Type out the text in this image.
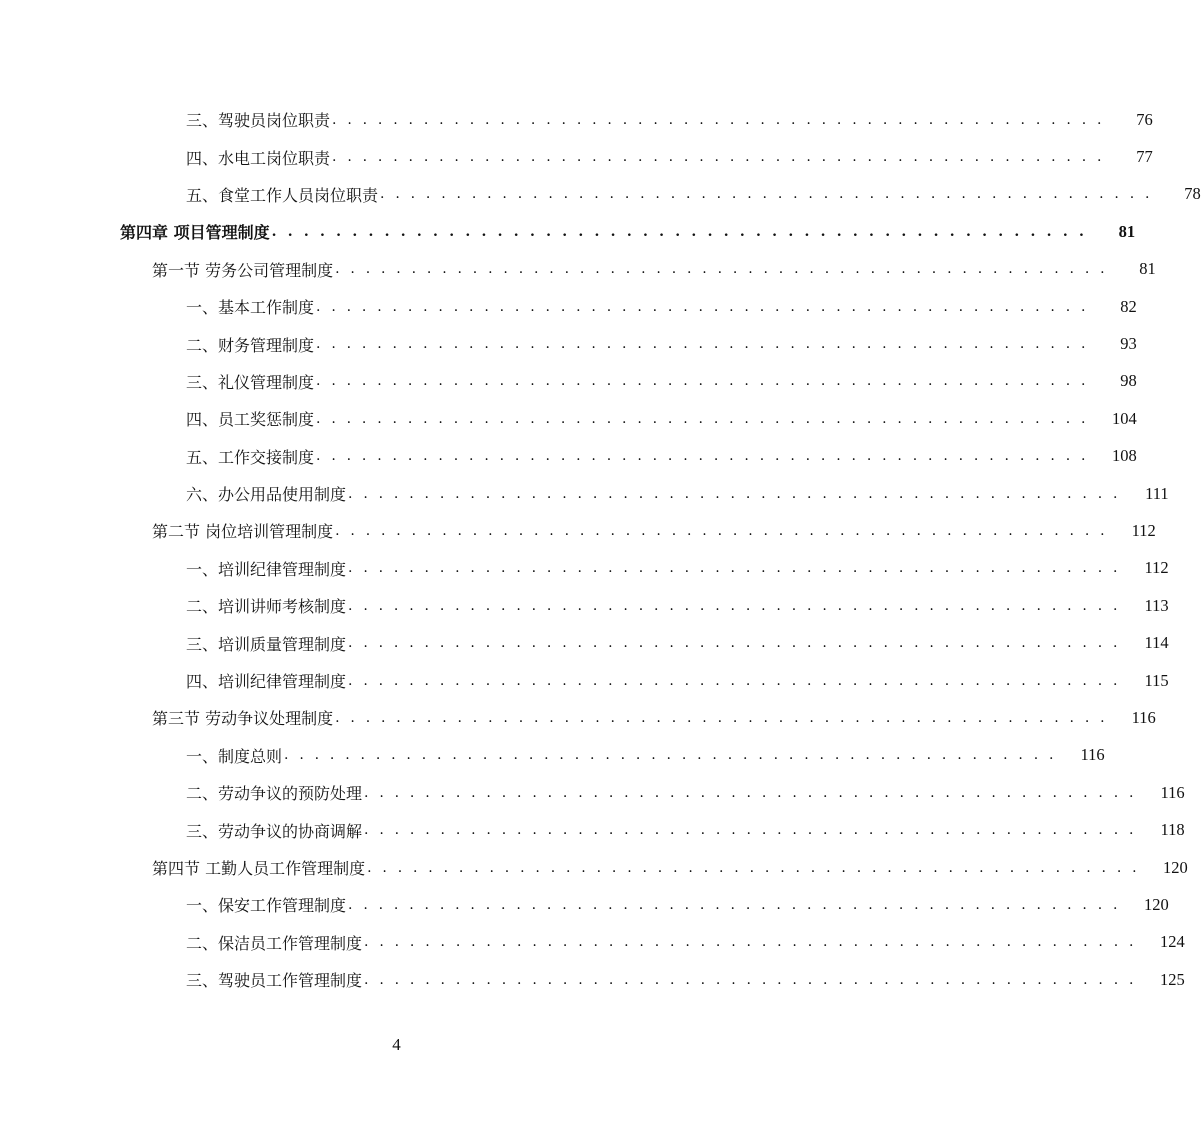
三、驾驶员岗位职责 . . . . . . . . . . . . . . . . . . . . . . . . . . . . . . . . . . . . . . . . . . . . . . . . . . .	76
四、水电工岗位职责 . . . . . . . . . . . . . . . . . . . . . . . . . . . . . . . . . . . . . . . . . . . . . . . . . . .	77
五、食堂工作人员岗位职责 . . . . . . . . . . . . . . . . . . . . . . . . . . . . . . . . . . . . . . . . . . . . . . . . . . .	78
第四章 项目管理制度 . . . . . . . . . . . . . . . . . . . . . . . . . . . . . . . . . . . . . . . . . . . . . . . . . . .	81
第一节 劳务公司管理制度 . . . . . . . . . . . . . . . . . . . . . . . . . . . . . . . . . . . . . . . . . . . . . . . . . . .	81
一、基本工作制度 . . . . . . . . . . . . . . . . . . . . . . . . . . . . . . . . . . . . . . . . . . . . . . . . . . .	82
二、财务管理制度 . . . . . . . . . . . . . . . . . . . . . . . . . . . . . . . . . . . . . . . . . . . . . . . . . . .	93
三、礼仪管理制度 . . . . . . . . . . . . . . . . . . . . . . . . . . . . . . . . . . . . . . . . . . . . . . . . . . .	98
四、员工奖惩制度 . . . . . . . . . . . . . . . . . . . . . . . . . . . . . . . . . . . . . . . . . . . . . . . . . . .	104
五、工作交接制度 . . . . . . . . . . . . . . . . . . . . . . . . . . . . . . . . . . . . . . . . . . . . . . . . . . .	108
六、办公用品使用制度 . . . . . . . . . . . . . . . . . . . . . . . . . . . . . . . . . . . . . . . . . . . . . . . . . . .	111
第二节 岗位培训管理制度 . . . . . . . . . . . . . . . . . . . . . . . . . . . . . . . . . . . . . . . . . . . . . . . . . . .	112
一、培训纪律管理制度 . . . . . . . . . . . . . . . . . . . . . . . . . . . . . . . . . . . . . . . . . . . . . . . . . . .	112
二、培训讲师考核制度 . . . . . . . . . . . . . . . . . . . . . . . . . . . . . . . . . . . . . . . . . . . . . . . . . . .	113
三、培训质量管理制度 . . . . . . . . . . . . . . . . . . . . . . . . . . . . . . . . . . . . . . . . . . . . . . . . . . .	114
四、培训纪律管理制度 . . . . . . . . . . . . . . . . . . . . . . . . . . . . . . . . . . . . . . . . . . . . . . . . . . .	115
第三节 劳动争议处理制度 . . . . . . . . . . . . . . . . . . . . . . . . . . . . . . . . . . . . . . . . . . . . . . . . . . .	116
一、制度总则 . . . . . . . . . . . . . . . . . . . . . . . . . . . . . . . . . . . . . . . . . . . . . . . . . . .	116
二、劳动争议的预防处理 . . . . . . . . . . . . . . . . . . . . . . . . . . . . . . . . . . . . . . . . . . . . . . . . . . .	116
三、劳动争议的协商调解 . . . . . . . . . . . . . . . . . . . . . . . . . . . . . . . . . . . . . . . . . . . . . . . . . . .	118
第四节 工勤人员工作管理制度 . . . . . . . . . . . . . . . . . . . . . . . . . . . . . . . . . . . . . . . . . . . . . . . . . . .	120
一、保安工作管理制度 . . . . . . . . . . . . . . . . . . . . . . . . . . . . . . . . . . . . . . . . . . . . . . . . . . .	120
二、保洁员工作管理制度 . . . . . . . . . . . . . . . . . . . . . . . . . . . . . . . . . . . . . . . . . . . . . . . . . . .	124
三、驾驶员工作管理制度 . . . . . . . . . . . . . . . . . . . . . . . . . . . . . . . . . . . . . . . . . . . . . . . . . . .	125
4
